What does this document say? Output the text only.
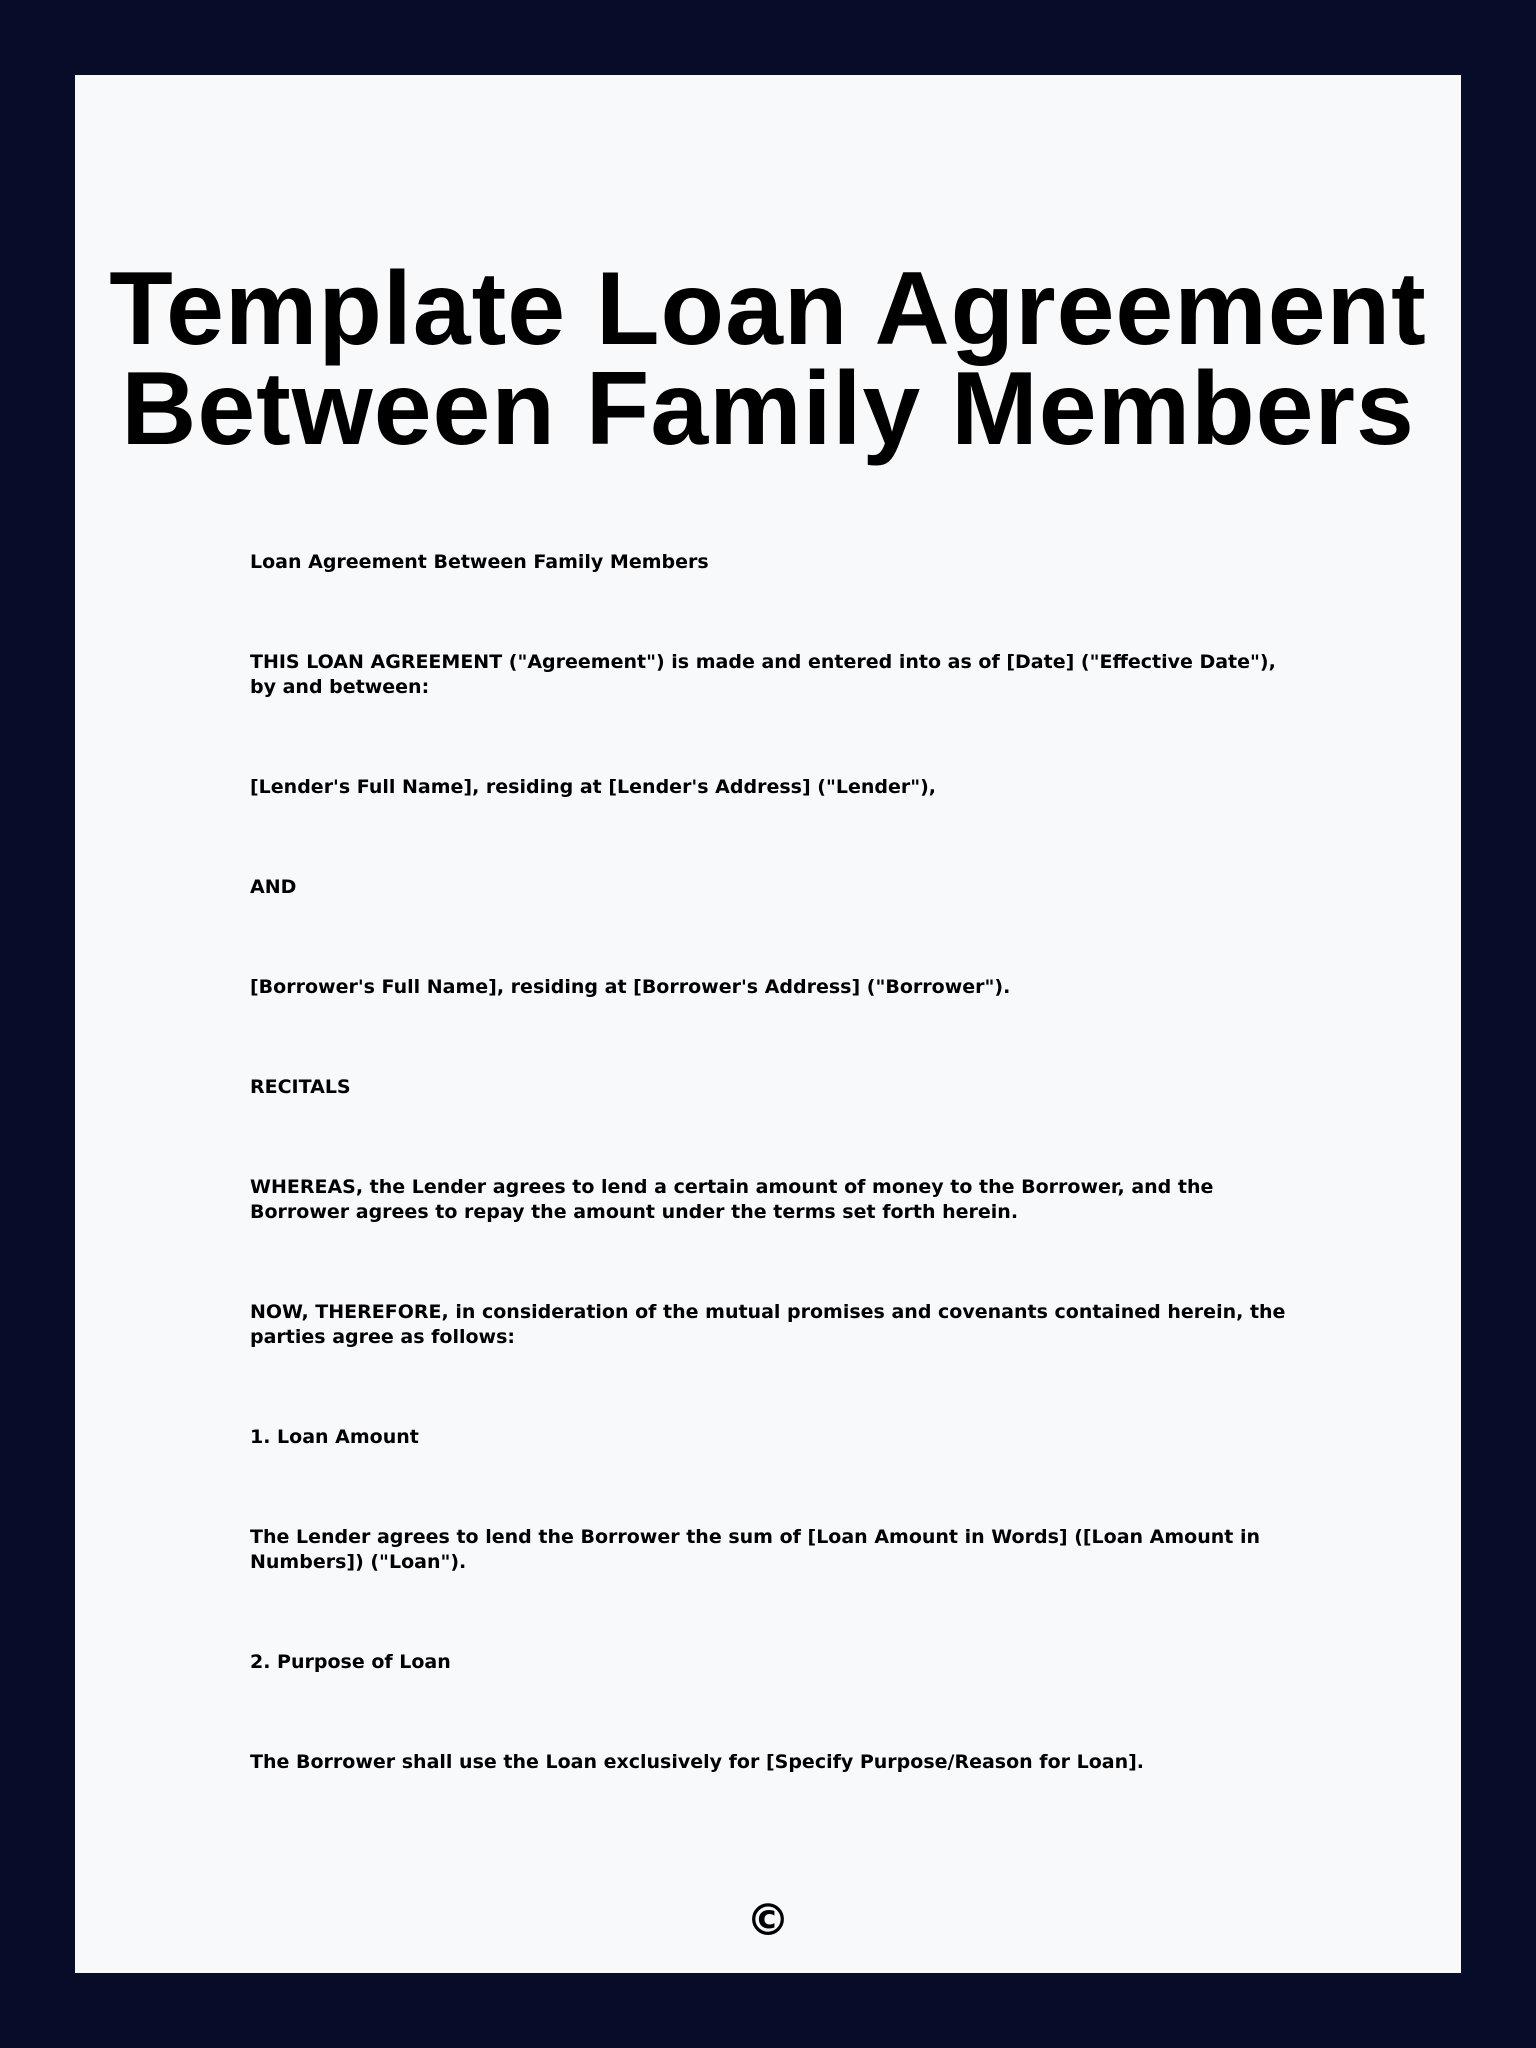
Template Loan Agreement
Between Family Members

Loan Agreement Between Family Members

THIS LOAN AGREEMENT ("Agreement") is made and entered into as of [Date] ("Effective Date"), by and between:

[Lender's Full Name], residing at [Lender's Address] ("Lender"),

AND

[Borrower's Full Name], residing at [Borrower's Address] ("Borrower").

RECITALS

WHEREAS, the Lender agrees to lend a certain amount of money to the Borrower, and the Borrower agrees to repay the amount under the terms set forth herein.

NOW, THEREFORE, in consideration of the mutual promises and covenants contained herein, the parties agree as follows:

1. Loan Amount

The Lender agrees to lend the Borrower the sum of [Loan Amount in Words] ([Loan Amount in Numbers]) ("Loan").

2. Purpose of Loan

The Borrower shall use the Loan exclusively for [Specify Purpose/Reason for Loan].

©
